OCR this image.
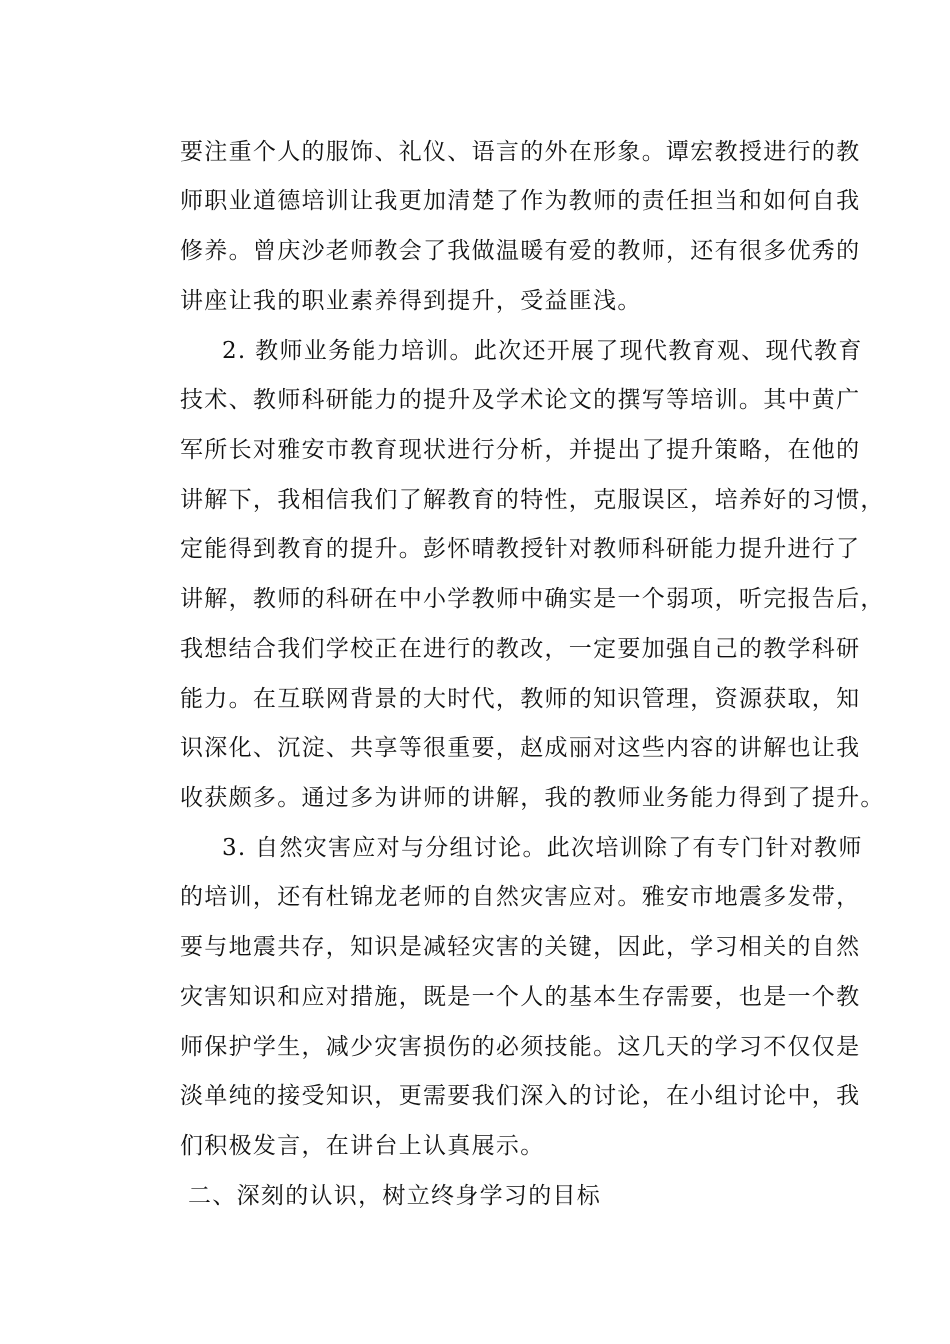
要注重个人的服饰、礼仪、语言的外在形象。谭宏教授进行的教
师职业道德培训让我更加清楚了作为教师的责任担当和如何自我
修养。曾庆沙老师教会了我做温暖有爱的教师，还有很多优秀的
讲座让我的职业素养得到提升，受益匪浅。
2. 教师业务能力培训。此次还开展了现代教育观、现代教育
技术、教师科研能力的提升及学术论文的撰写等培训。其中黄广
军所长对雅安市教育现状进行分析，并提出了提升策略，在他的
讲解下，我相信我们了解教育的特性，克服误区，培养好的习惯，
定能得到教育的提升。彭怀晴教授针对教师科研能力提升进行了
讲解，教师的科研在中小学教师中确实是一个弱项，听完报告后，
我想结合我们学校正在进行的教改，一定要加强自己的教学科研
能力。在互联网背景的大时代，教师的知识管理，资源获取，知
识深化、沉淀、共享等很重要，赵成丽对这些内容的讲解也让我
收获颇多。通过多为讲师的讲解，我的教师业务能力得到了提升。
3. 自然灾害应对与分组讨论。此次培训除了有专门针对教师
的培训，还有杜锦龙老师的自然灾害应对。雅安市地震多发带，
要与地震共存，知识是减轻灾害的关键，因此，学习相关的自然
灾害知识和应对措施，既是一个人的基本生存需要，也是一个教
师保护学生，减少灾害损伤的必须技能。这几天的学习不仅仅是
淡单纯的接受知识，更需要我们深入的讨论，在小组讨论中，我
们积极发言，在讲台上认真展示。
二、深刻的认识，树立终身学习的目标
